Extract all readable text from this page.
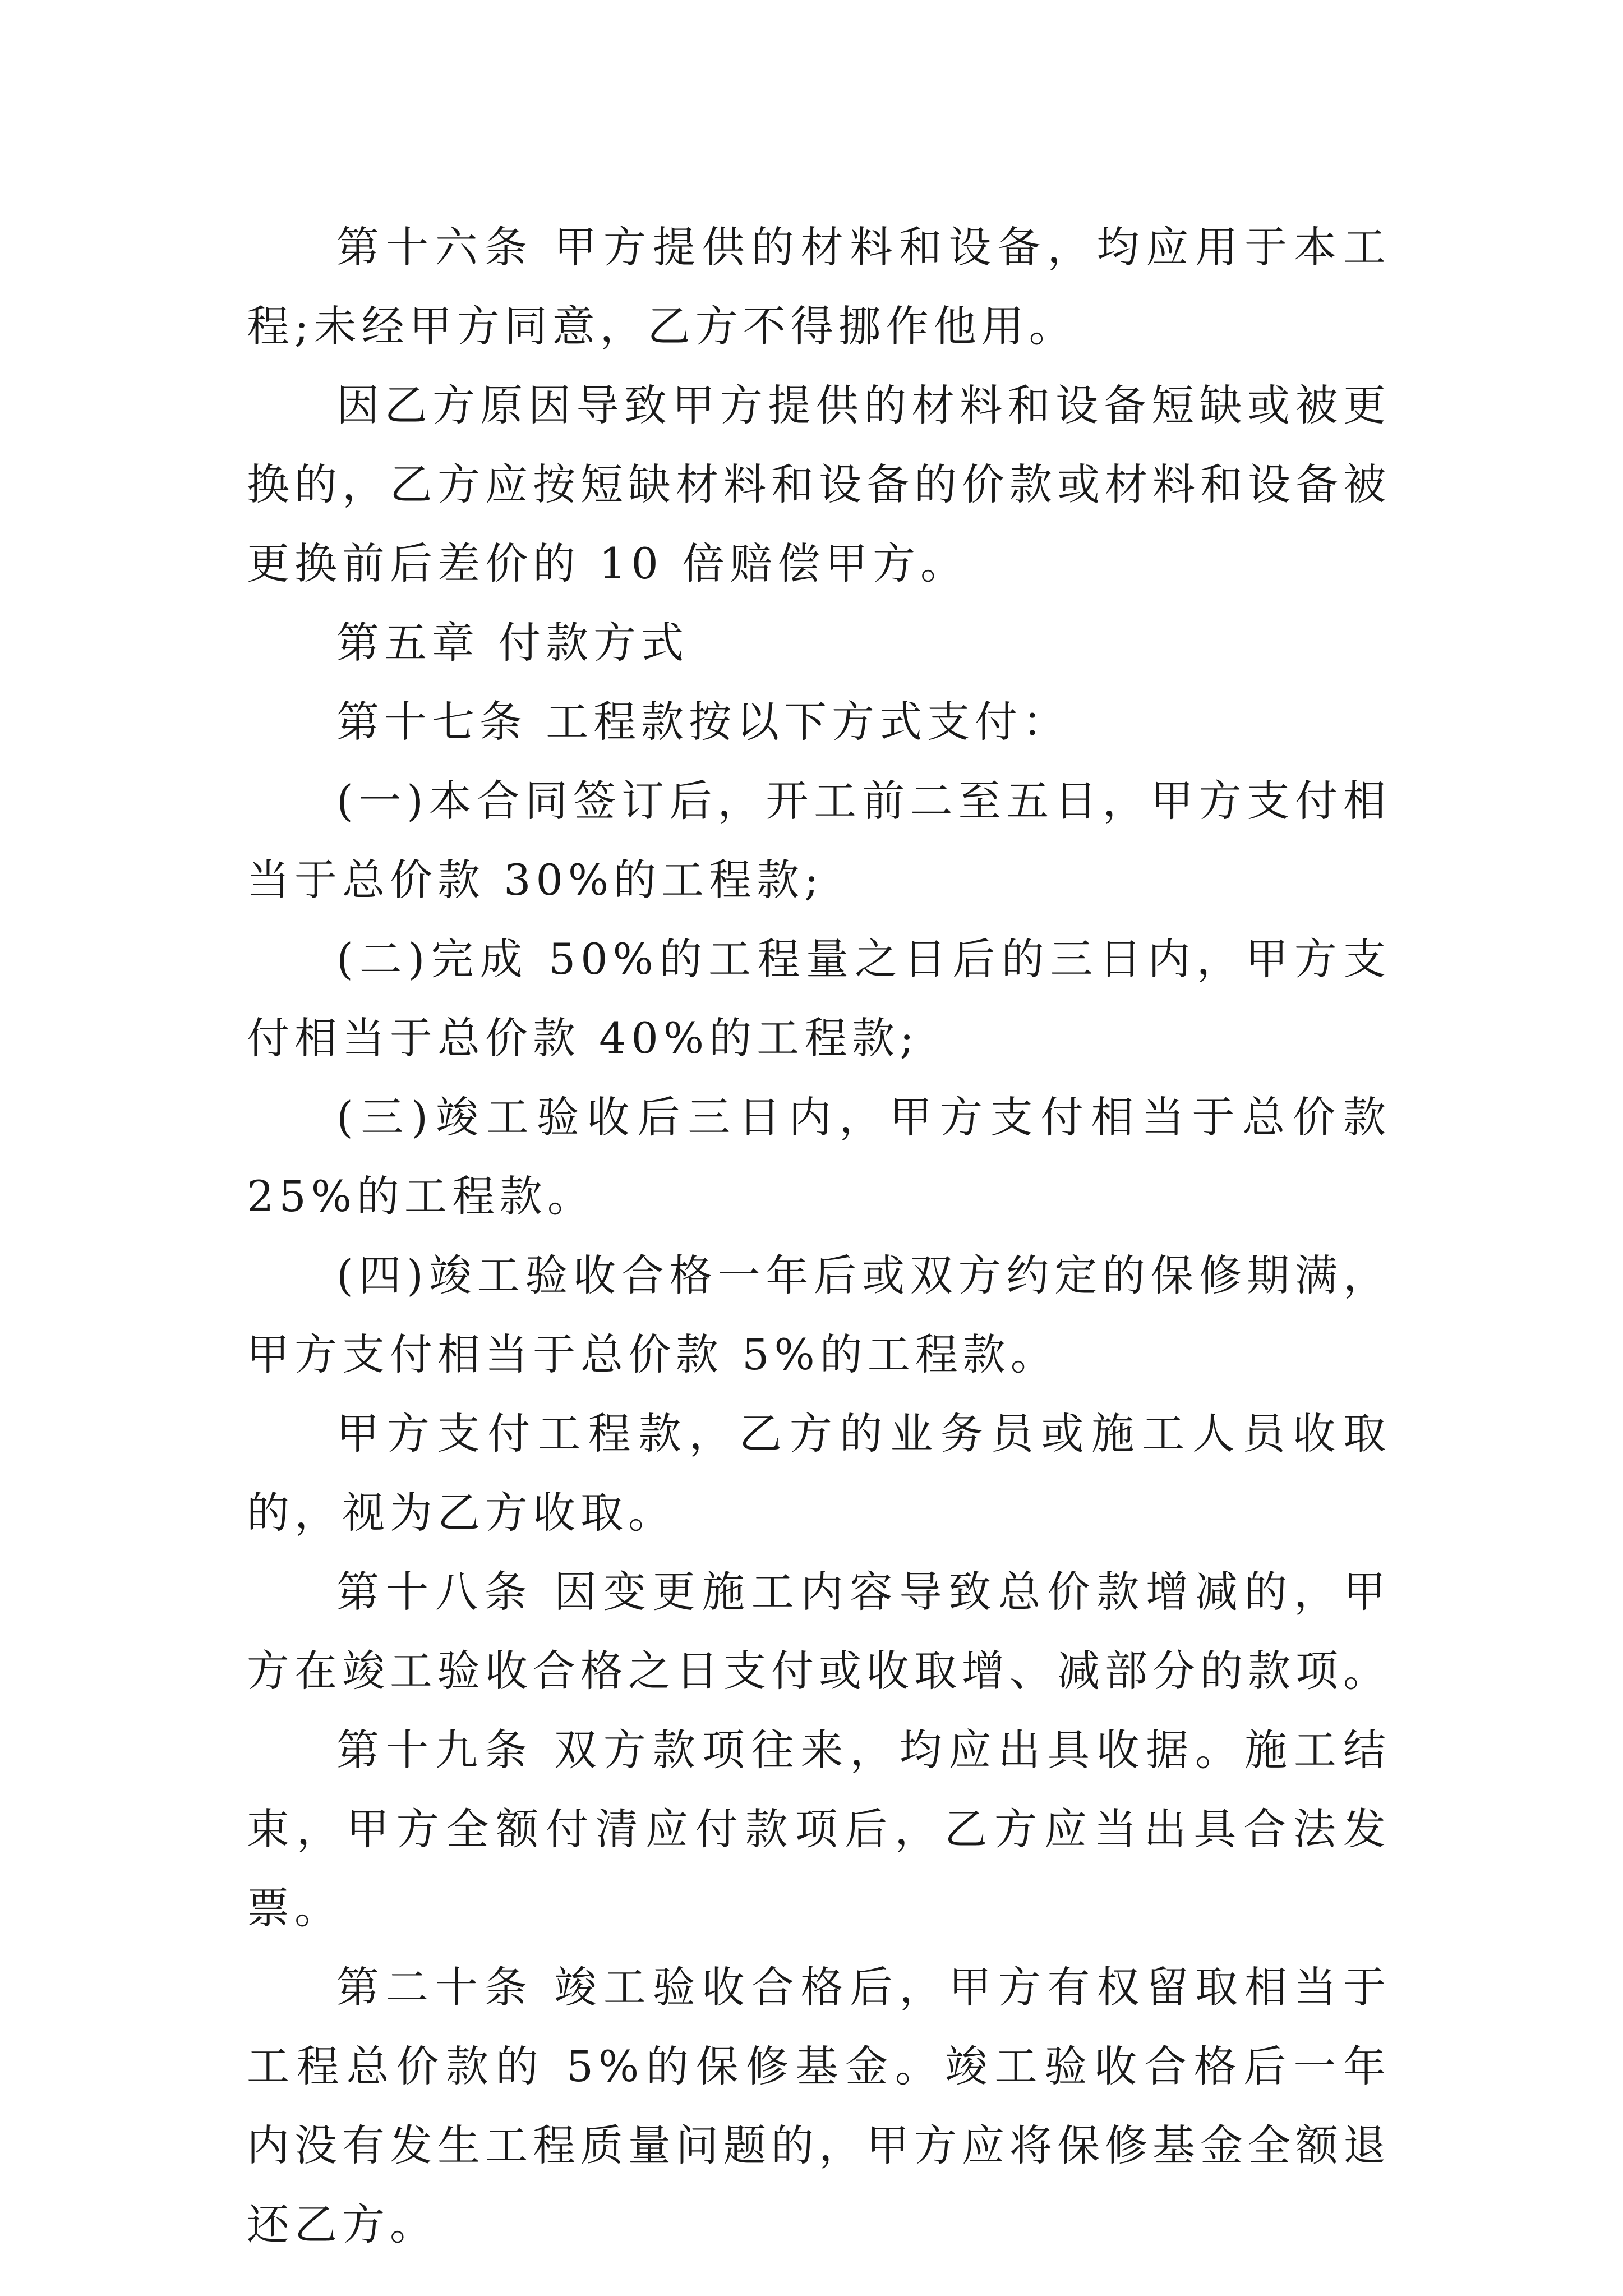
第十六条 甲方提供的材料和设备，均应用于本工程;未经甲方同意，乙方不得挪作他用。

因乙方原因导致甲方提供的材料和设备短缺或被更换的，乙方应按短缺材料和设备的价款或材料和设备被更换前后差价的 10 倍赔偿甲方。

第五章 付款方式

第十七条 工程款按以下方式支付：

(一)本合同签订后，开工前二至五日，甲方支付相当于总价款 30%的工程款;

(二)完成 50%的工程量之日后的三日内，甲方支付相当于总价款 40%的工程款;

(三)竣工验收后三日内，甲方支付相当于总价款 25%的工程款。

(四)竣工验收合格一年后或双方约定的保修期满，甲方支付相当于总价款 5%的工程款。

甲方支付工程款，乙方的业务员或施工人员收取的，视为乙方收取。

第十八条 因变更施工内容导致总价款增减的，甲方在竣工验收合格之日支付或收取增、减部分的款项。

第十九条 双方款项往来，均应出具收据。施工结束，甲方全额付清应付款项后，乙方应当出具合法发票。

第二十条 竣工验收合格后，甲方有权留取相当于工程总价款的 5%的保修基金。竣工验收合格后一年内没有发生工程质量问题的，甲方应将保修基金全额退还乙方。
